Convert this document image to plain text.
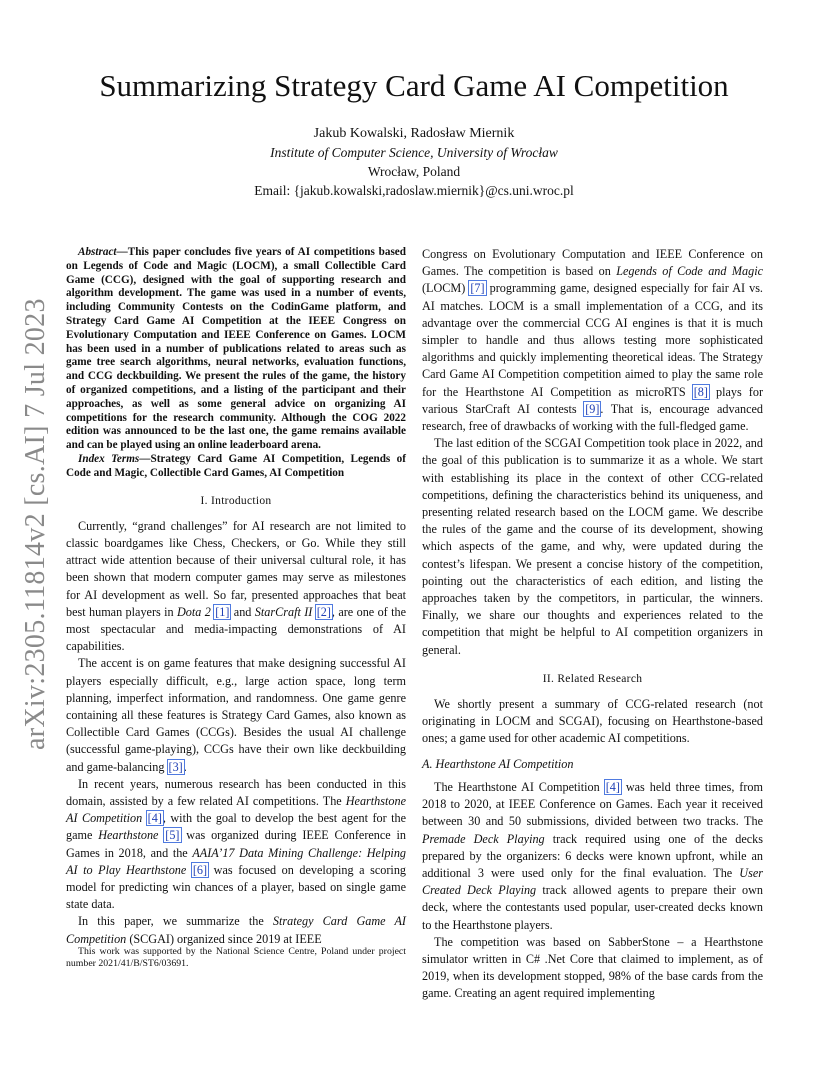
arXiv:2305.11814v2 [cs.AI] 7 Jul 2023
Summarizing Strategy Card Game AI Competition
Jakub Kowalski, Radosław Miernik
Institute of Computer Science, University of Wrocław
Wrocław, Poland
Email: {jakub.kowalski,radoslaw.miernik}@cs.uni.wroc.pl

Abstract—This paper concludes five years of AI competitions based on Legends of Code and Magic (LOCM), a small Collectible Card Game (CCG), designed with the goal of supporting research and algorithm development. The game was used in a number of events, including Community Contests on the CodinGame platform, and Strategy Card Game AI Competition at the IEEE Congress on Evolutionary Computation and IEEE Conference on Games. LOCM has been used in a number of publications related to areas such as game tree search algorithms, neural networks, evaluation functions, and CCG deckbuilding. We present the rules of the game, the history of organized competitions, and a listing of the participant and their approaches, as well as some general advice on organizing AI competitions for the research community. Although the COG 2022 edition was announced to be the last one, the game remains available and can be played using an online leaderboard arena.

Index Terms—Strategy Card Game AI Competition, Legends of Code and Magic, Collectible Card Games, AI Competition

I. Introduction

Currently, “grand challenges” for AI research are not limited to classic boardgames like Chess, Checkers, or Go. While they still attract wide attention because of their universal cultural role, it has been shown that modern computer games may serve as milestones for AI development as well. So far, presented approaches that beat best human players in Dota 2 [1] and StarCraft II [2], are one of the most spectacular and media-impacting demonstrations of AI capabilities.

The accent is on game features that make designing successful AI players especially difficult, e.g., large action space, long term planning, imperfect information, and randomness. One game genre containing all these features is Strategy Card Games, also known as Collectible Card Games (CCGs). Besides the usual AI challenge (successful game-playing), CCGs have their own like deckbuilding and game-balancing [3].

In recent years, numerous research has been conducted in this domain, assisted by a few related AI competitions. The Hearthstone AI Competition [4], with the goal to develop the best agent for the game Hearthstone [5] was organized during IEEE Conference in Games in 2018, and the AAIA’17 Data Mining Challenge: Helping AI to Play Hearthstone [6] was focused on developing a scoring model for predicting win chances of a player, based on single game state data.

In this paper, we summarize the Strategy Card Game AI Competition (SCGAI) organized since 2019 at IEEE

This work was supported by the National Science Centre, Poland under project number 2021/41/B/ST6/03691.

Congress on Evolutionary Computation and IEEE Conference on Games. The competition is based on Legends of Code and Magic (LOCM) [7] programming game, designed especially for fair AI vs. AI matches. LOCM is a small implementation of a CCG, and its advantage over the commercial CCG AI engines is that it is much simpler to handle and thus allows testing more sophisticated algorithms and quickly implementing theoretical ideas. The Strategy Card Game AI Competition competition aimed to play the same role for the Hearthstone AI Competition as microRTS [8] plays for various StarCraft AI contests [9]. That is, encourage advanced research, free of drawbacks of working with the full-fledged game.

The last edition of the SCGAI Competition took place in 2022, and the goal of this publication is to summarize it as a whole. We start with establishing its place in the context of other CCG-related competitions, defining the characteristics behind its uniqueness, and presenting related research based on the LOCM game. We describe the rules of the game and the course of its development, showing which aspects of the game, and why, were updated during the contest’s lifespan. We present a concise history of the competition, pointing out the characteristics of each edition, and listing the approaches taken by the competitors, in particular, the winners. Finally, we share our thoughts and experiences related to the competition that might be helpful to AI competition organizers in general.

II. Related Research

We shortly present a summary of CCG-related research (not originating in LOCM and SCGAI), focusing on Hearthstone-based ones; a game used for other academic AI competitions.

A. Hearthstone AI Competition

The Hearthstone AI Competition [4] was held three times, from 2018 to 2020, at IEEE Conference on Games. Each year it received between 30 and 50 submissions, divided between two tracks. The Premade Deck Playing track required using one of the decks prepared by the organizers: 6 decks were known upfront, while an additional 3 were used only for the final evaluation. The User Created Deck Playing track allowed agents to prepare their own deck, where the contestants used popular, user-created decks known to the Hearthstone players.

The competition was based on SabberStone – a Hearthstone simulator written in C# .Net Core that claimed to implement, as of 2019, when its development stopped, 98% of the base cards from the game. Creating an agent required implementing
